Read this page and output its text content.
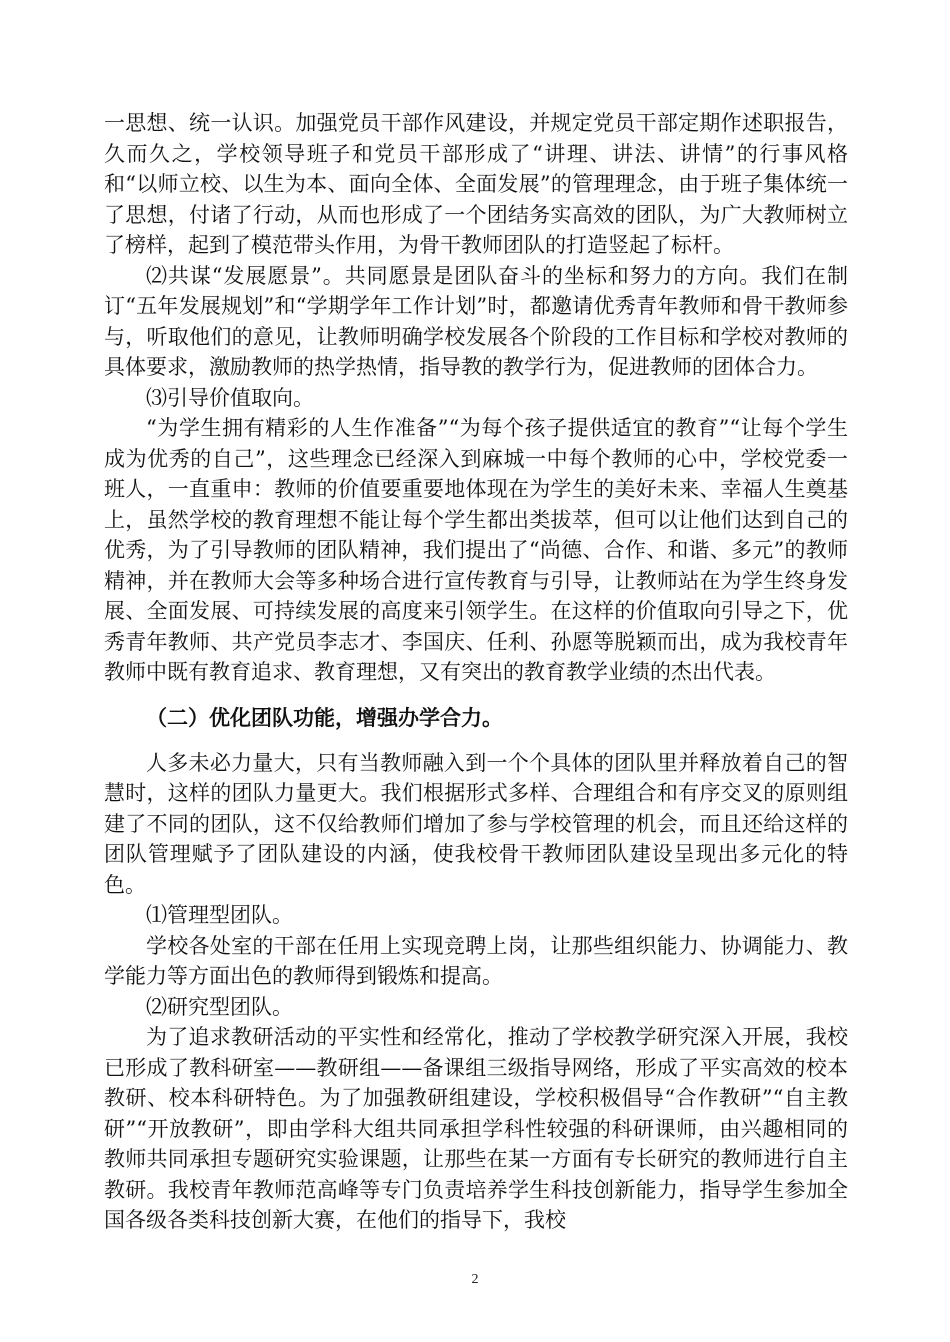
一思想、统一认识。加强党员干部作风建设，并规定党员干部定期作述职报告，久而久之，学校领导班子和党员干部形成了“讲理、讲法、讲情”的行事风格和“以师立校、以生为本、面向全体、全面发展”的管理理念，由于班子集体统一了思想，付诸了行动，从而也形成了一个团结务实高效的团队，为广大教师树立了榜样，起到了模范带头作用，为骨干教师团队的打造竖起了标杆。

⑵共谋“发展愿景”。共同愿景是团队奋斗的坐标和努力的方向。我们在制订“五年发展规划”和“学期学年工作计划”时，都邀请优秀青年教师和骨干教师参与，听取他们的意见，让教师明确学校发展各个阶段的工作目标和学校对教师的具体要求，激励教师的热学热情，指导教的教学行为，促进教师的团体合力。

⑶引导价值取向。

“为学生拥有精彩的人生作准备”“为每个孩子提供适宜的教育”“让每个学生成为优秀的自己”，这些理念已经深入到麻城一中每个教师的心中，学校党委一班人，一直重申：教师的价值要重要地体现在为学生的美好未来、幸福人生奠基上，虽然学校的教育理想不能让每个学生都出类拔萃，但可以让他们达到自己的优秀，为了引导教师的团队精神，我们提出了“尚德、合作、和谐、多元”的教师精神，并在教师大会等多种场合进行宣传教育与引导，让教师站在为学生终身发展、全面发展、可持续发展的高度来引领学生。在这样的价值取向引导之下，优秀青年教师、共产党员李志才、李国庆、任利、孙愿等脱颖而出，成为我校青年教师中既有教育追求、教育理想，又有突出的教育教学业绩的杰出代表。

（二）优化团队功能，增强办学合力。

人多未必力量大，只有当教师融入到一个个具体的团队里并释放着自己的智慧时，这样的团队力量更大。我们根据形式多样、合理组合和有序交叉的原则组建了不同的团队，这不仅给教师们增加了参与学校管理的机会，而且还给这样的团队管理赋予了团队建设的内涵，使我校骨干教师团队建设呈现出多元化的特色。

⑴管理型团队。

学校各处室的干部在任用上实现竞聘上岗，让那些组织能力、协调能力、教学能力等方面出色的教师得到锻炼和提高。

⑵研究型团队。

为了追求教研活动的平实性和经常化，推动了学校教学研究深入开展，我校已形成了教科研室——教研组——备课组三级指导网络，形成了平实高效的校本教研、校本科研特色。为了加强教研组建设，学校积极倡导“合作教研”“自主教研”“开放教研”，即由学科大组共同承担学科性较强的科研课师，由兴趣相同的教师共同承担专题研究实验课题，让那些在某一方面有专长研究的教师进行自主教研。我校青年教师范高峰等专门负责培养学生科技创新能力，指导学生参加全国各级各类科技创新大赛，在他们的指导下，我校

2
